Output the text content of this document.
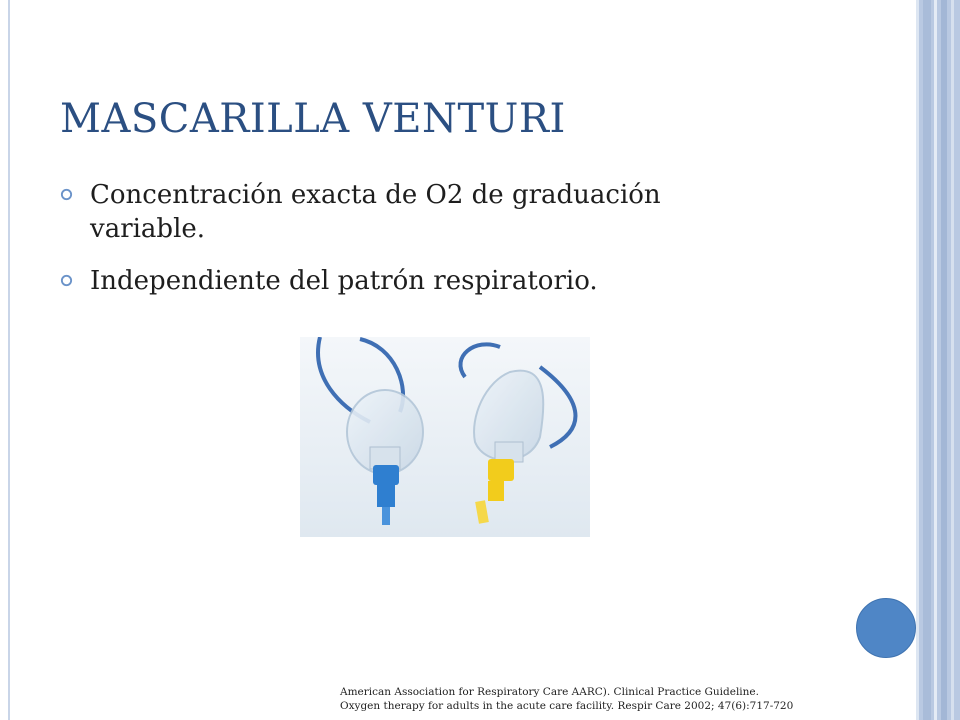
MASCARILLA VENTURI
Concentración exacta de O2 de graduación variable.
Independiente del patrón respiratorio.
American Association for Respiratory Care AARC). Clinical Practice Guideline. Oxygen therapy for adults in the acute care facility. Respir Care 2002; 47(6):717-720
